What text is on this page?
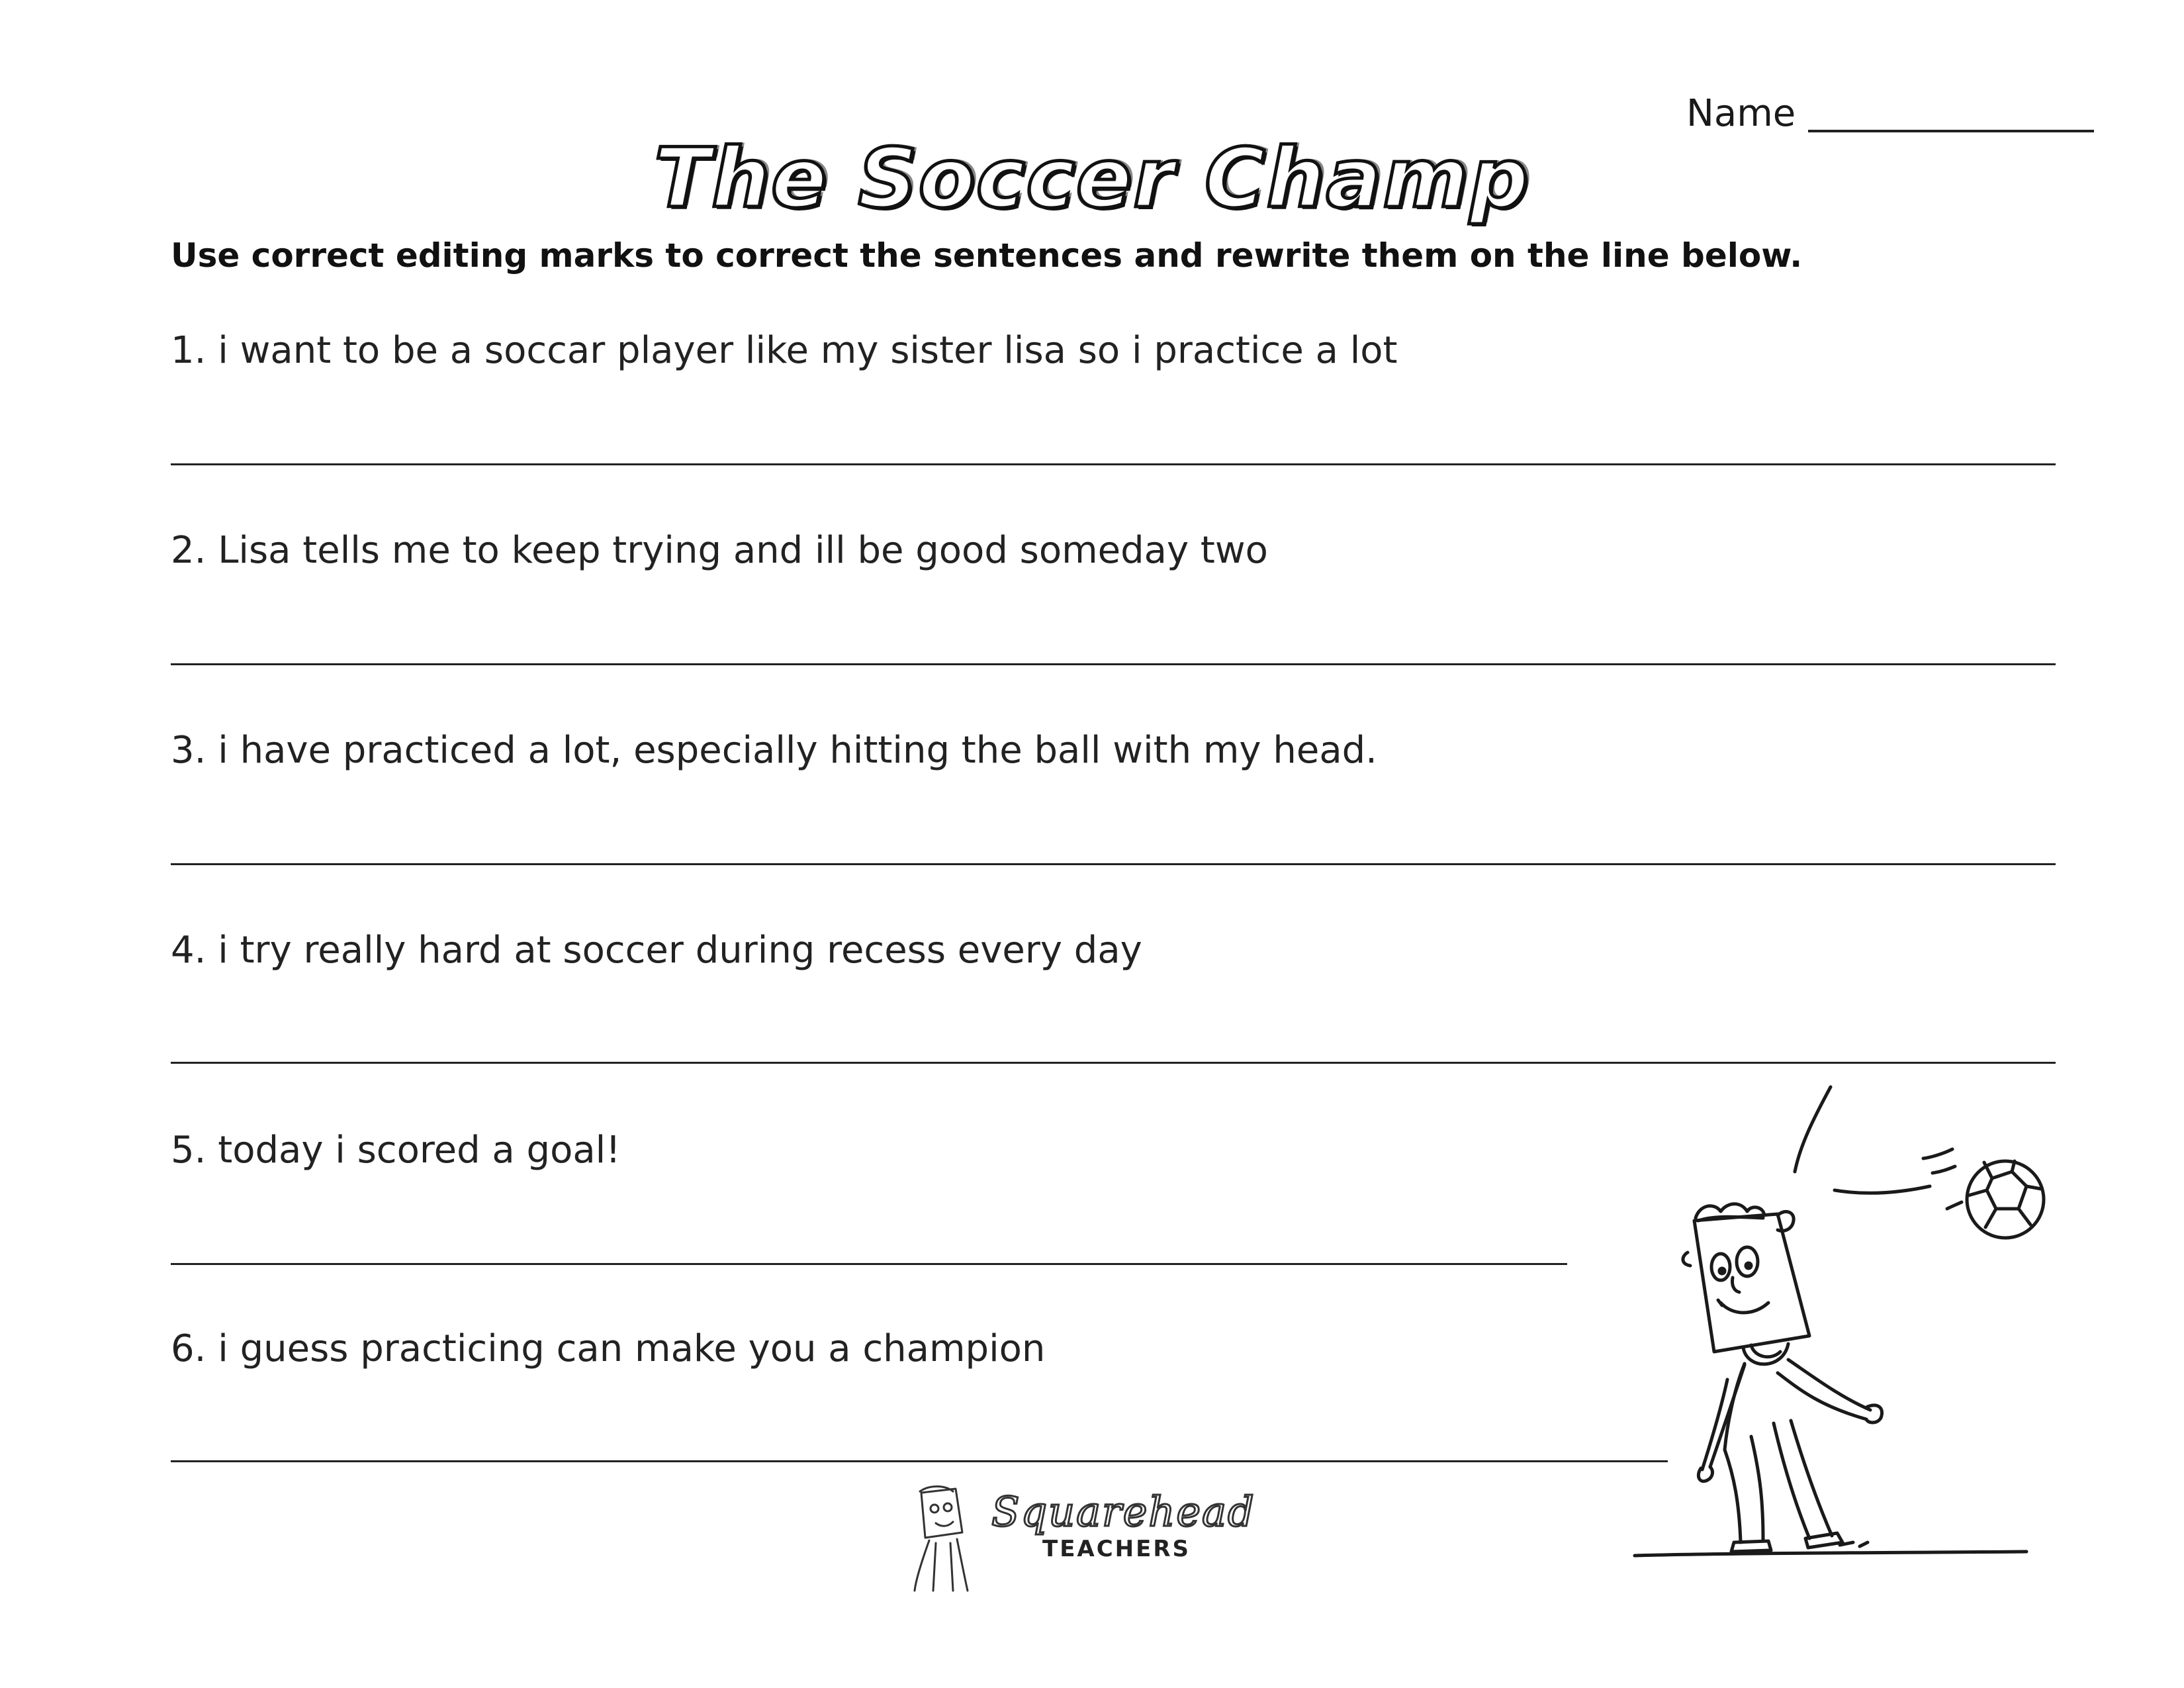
Name
The Soccer Champ
Use correct editing marks to correct the sentences and rewrite them on the line below.
1. i want to be a soccar player like my sister lisa so i practice a lot
2. Lisa tells me to keep trying and ill be good someday two
3. i have practiced a lot, especially hitting the ball with my head.
4. i try really hard at soccer during recess every day
5. today i scored a goal!
6. i guess practicing can make you a champion
Squarehead
TEACHERS
